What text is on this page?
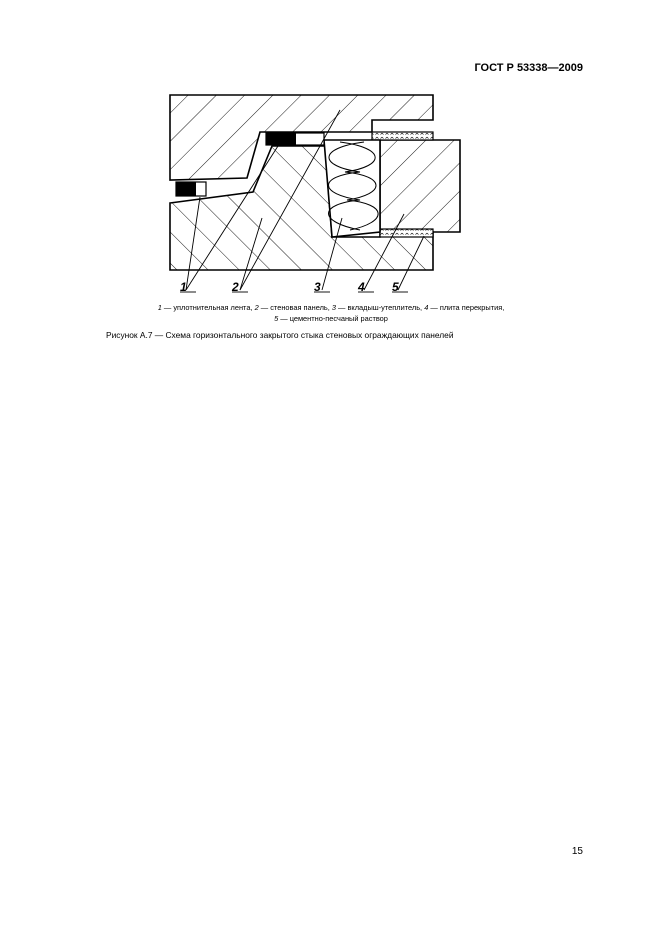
ГОСТ Р 53338—2009
1	2	3	4 5
1 — уплотнительная лента, 2 — стеновая панель, 3 — вкладыш-утеплитель, 4 — плита перекрытия,
5 — цементно-песчаный раствор
Рисунок А.7 — Схема горизонтального закрытого стыка стеновых ограждающих панелей
15
